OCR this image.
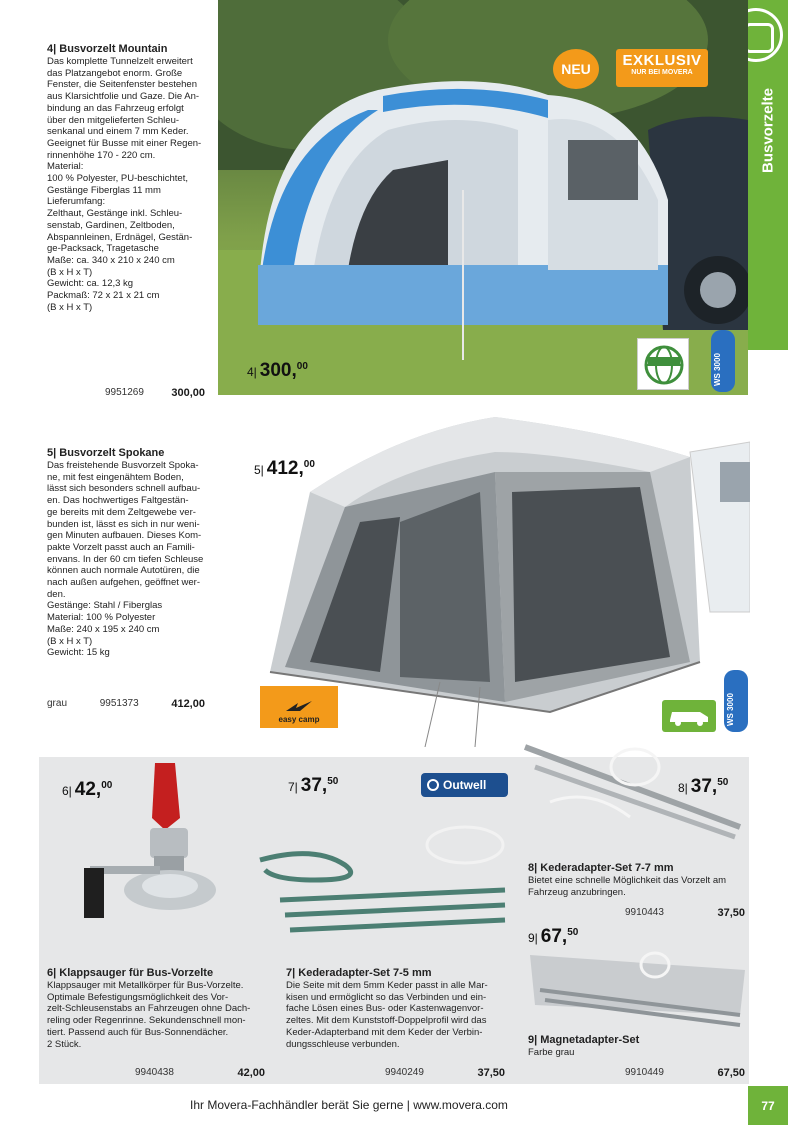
Busvorzelte
4| Busvorzelt Mountain

Das komplette Tunnelzelt erweitert
das Platzangebot enorm. Große
Fenster, die Seitenfenster bestehen
aus Klarsichtfolie und Gaze. Die An-
bindung an das Fahrzeug erfolgt
über den mitgelieferten Schleu-
senkanal und einem 7 mm Keder.
Geeignet für Busse mit einer Regen-
rinnenhöhe 170 - 220 cm.
Material:
100 % Polyester, PU-beschichtet,
Gestänge Fiberglas 11 mm
Lieferumfang:
Zelthaut, Gestänge inkl. Schleu-
senstab, Gardinen, Zeltboden,
Abspannleinen, Erdnägel, Gestän-
ge-Packsack, Tragetasche
Maße: ca. 340 x 210 x 240 cm
(B x H x T)
Gewicht: ca. 12,3 kg
Packmaß: 72 x 21 x 21 cm
(B x H x T)

9951269 300,00
NEU	EXKLUSIV
NUR BEI MOVERA
4| 300,00	WS 3000
5| Busvorzelt Spokane

Das freistehende Busvorzelt Spoka-
ne, mit fest eingenähtem Boden,
lässt sich besonders schnell aufbau-
en. Das hochwertiges Faltgestän-
ge bereits mit dem Zeltgewebe ver-
bunden ist, lässt es sich in nur weni-
gen Minuten aufbauen. Dieses Kom-
pakte Vorzelt passt auch an Famili-
envans. In der 60 cm tiefen Schleuse
können auch normale Autotüren, die
nach außen aufgehen, geöffnet wer-
den.
Gestänge: Stahl / Fiberglas
Material: 100 % Polyester
Maße: 240 x 195 x 240 cm
(B x H x T)
Gewicht: 15 kg

grau	9951373	412,00
5| 412,00
easy camp	WS 3000
6| 42,00
6| Klappsauger für Bus-Vorzelte

Klappsauger mit Metallkörper für Bus-Vorzelte.
Optimale Befestigungsmöglichkeit des Vor-
zelt-Schleusenstabs an Fahrzeugen ohne Dach-
reling oder Regenrinne. Sekundenschnell mon-
tiert. Passend auch für Bus-Sonnendächer.
2 Stück.

9940438	42,00
7| 37,50	Outwell
7| Kederadapter-Set 7-5 mm

Die Seite mit dem 5mm Keder passt in alle Mar-
kisen und ermöglicht so das Verbinden und ein-
fache Lösen eines Bus- oder Kastenwagenvor-
zeltes. Mit dem Kunststoff-Doppelprofil wird das
Keder-Adapterband mit dem Keder der Verbin-
dungsschleuse verbunden.

9940249	37,50
8| 37,50
8| Kederadapter-Set 7-7 mm

Bietet eine schnelle Möglichkeit das Vorzelt am
Fahrzeug anzubringen.

9910443	37,50
9| 67,50
9| Magnetadapter-Set

Farbe grau

9910449	67,50
Ihr Movera-Fachhändler berät Sie gerne | www.movera.com	77
